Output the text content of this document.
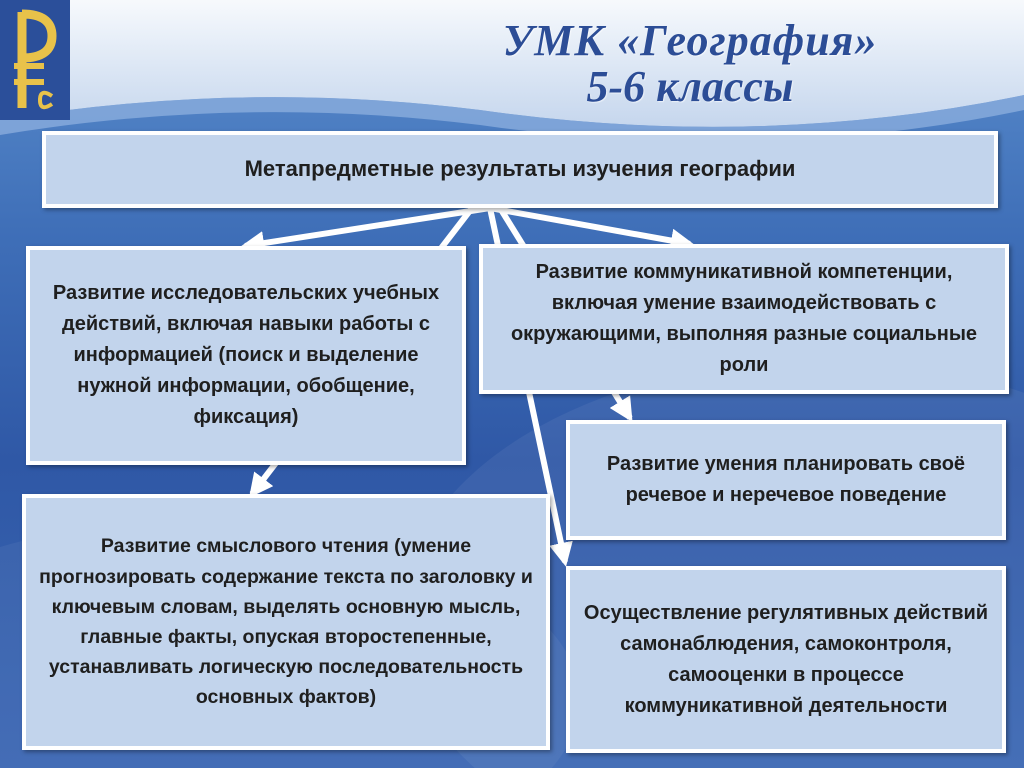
УМК «География»
5-6 классы
Метапредметные результаты изучения географии
Развитие исследовательских учебных действий, включая навыки работы с информацией (поиск и выделение нужной информации, обобщение, фиксация)
Развитие коммуникативной компетенции, включая умение взаимодействовать с окружающими, выполняя разные социальные роли
Развитие умения планировать своё речевое и неречевое поведение
Развитие смыслового чтения (умение прогнозировать содержание текста по заголовку и ключевым словам, выделять основную мысль, главные факты, опуская второстепенные, устанавливать логическую последовательность основных фактов)
Осуществление регулятивных действий самонаблюдения, самоконтроля, самооценки в процессе коммуникативной деятельности
